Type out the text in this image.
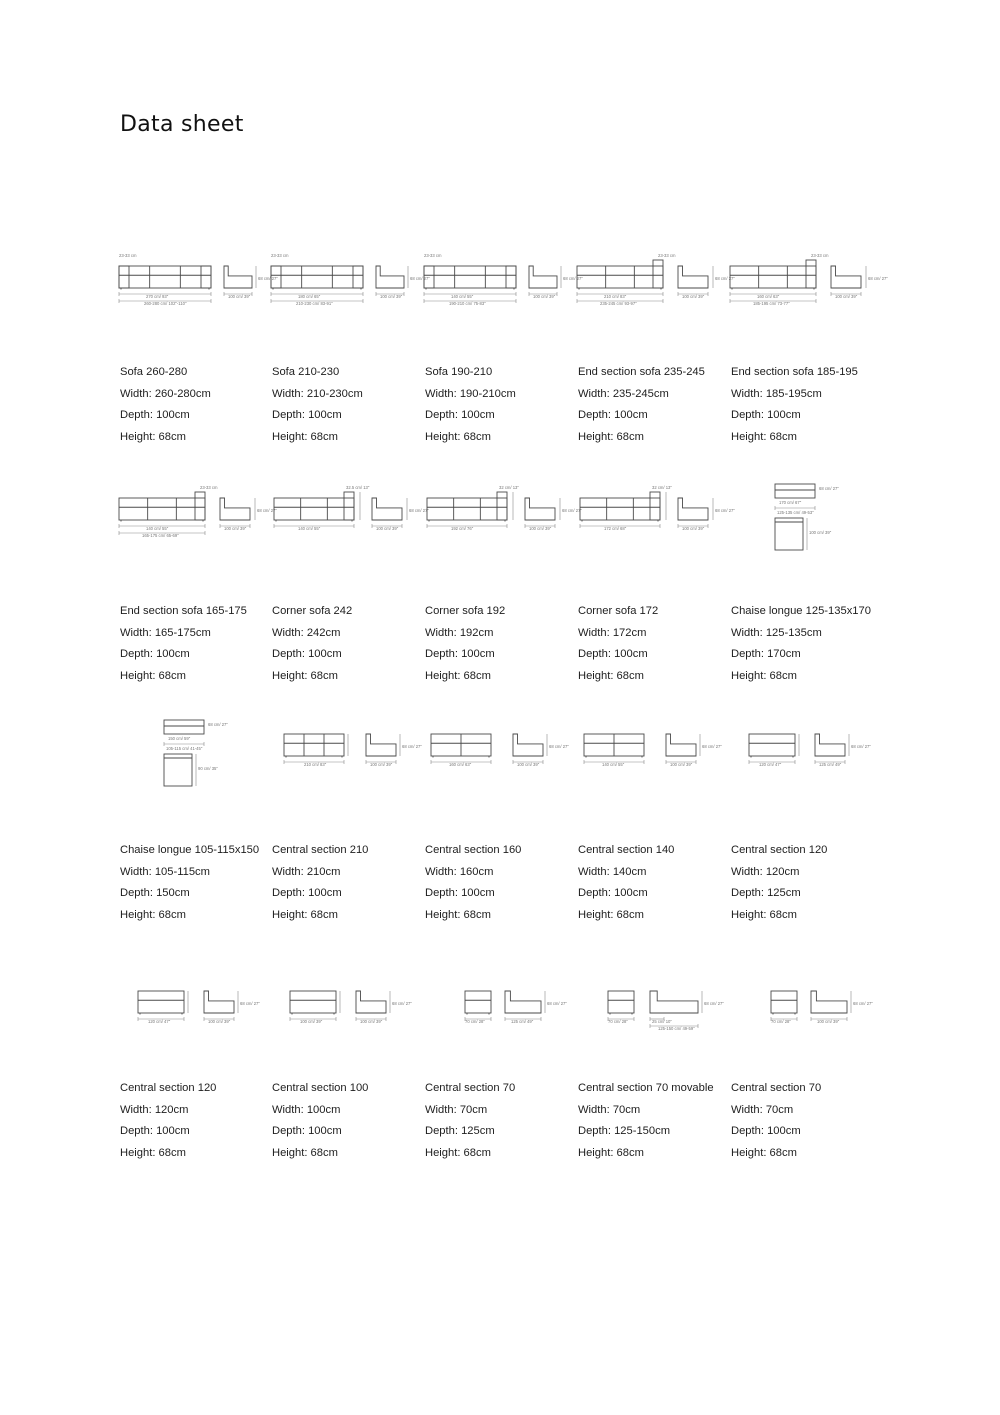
Data sheet
23-33 cm
270 cm/ 93"
260-280 cm/ 102"-110"
100 cm/ 39"
68 cm/ 27"
Sofa 260-280
Width: 260-280cm
Depth: 100cm
Height: 68cm
23-33 cm
180 cm/ 65"
210-230 cm/ 83-91"
100 cm/ 39"
68 cm/ 27"
Sofa 210-230
Width: 210-230cm
Depth: 100cm
Height: 68cm
23-33 cm
140 cm/ 55"
190-210 cm/ 75-83"
100 cm/ 39"
68 cm/ 27"
Sofa 190-210
Width: 190-210cm
Depth: 100cm
Height: 68cm
23-33 cm
210 cm/ 83"
235-245 cm/ 93-97"
100 cm/ 39"
68 cm/ 27"
End section sofa 235-245
Width: 235-245cm
Depth: 100cm
Height: 68cm
23-33 cm
160 cm/ 63"
185-195 cm/ 73-77"
100 cm/ 39"
68 cm/ 27"
End section sofa 185-195
Width: 185-195cm
Depth: 100cm
Height: 68cm
23-33 cm
140 cm/ 55"
165-175 cm/ 65-69"
100 cm/ 39"
68 cm/ 27"
End section sofa 165-175
Width: 165-175cm
Depth: 100cm
Height: 68cm
32.5 cm/ 13"
140 cm/ 55"	100 cm/ 39"
68 cm/ 27"
Corner sofa 242
Width: 242cm
Depth: 100cm
Height: 68cm
32 cm/ 13"
192 cm/ 76"	100 cm/ 39"
68 cm/ 27"
Corner sofa 192
Width: 192cm
Depth: 100cm
Height: 68cm
32 cm/ 13"
172 cm/ 68"	100 cm/ 39"
68 cm/ 27"
Corner sofa 172
Width: 172cm
Depth: 100cm
Height: 68cm
170 cm/ 67"
125-135 cm/ 49-53"
100 cm/ 39"
68 cm/ 27"
Chaise longue 125-135x170
Width: 125-135cm
Depth: 170cm
Height: 68cm
150 cm/ 59"
105-115 cm/ 41-45"
90 cm/ 35"
68 cm/ 27"
Chaise longue 105-115x150
Width: 105-115cm
Depth: 150cm
Height: 68cm
210 cm/ 83"	100 cm/ 39"
68 cm/ 27"
Central section 210
Width: 210cm
Depth: 100cm
Height: 68cm
160 cm/ 63"	100 cm/ 39"
68 cm/ 27"
Central section 160
Width: 160cm
Depth: 100cm
Height: 68cm
140 cm/ 55"	100 cm/ 39"
68 cm/ 27"
Central section 140
Width: 140cm
Depth: 100cm
Height: 68cm
120 cm/ 47"	125 cm/ 49"
68 cm/ 27"
Central section 120
Width: 120cm
Depth: 125cm
Height: 68cm
120 cm/ 47"	100 cm/ 39"
68 cm/ 27"
Central section 120
Width: 120cm
Depth: 100cm
Height: 68cm
100 cm/ 39"	100 cm/ 39"
68 cm/ 27"
Central section 100
Width: 100cm
Depth: 100cm
Height: 68cm
70 cm/ 28"	125 cm/ 49"
68 cm/ 27"
Central section 70
Width: 70cm
Depth: 125cm
Height: 68cm
70 cm/ 28"	25 cm/ 10"
125-150 cm/ 49-59"
68 cm/ 27"
Central section 70 movable
Width: 70cm
Depth: 125-150cm
Height: 68cm
70 cm/ 28"	100 cm/ 39"
68 cm/ 27"
Central section 70
Width: 70cm
Depth: 100cm
Height: 68cm
